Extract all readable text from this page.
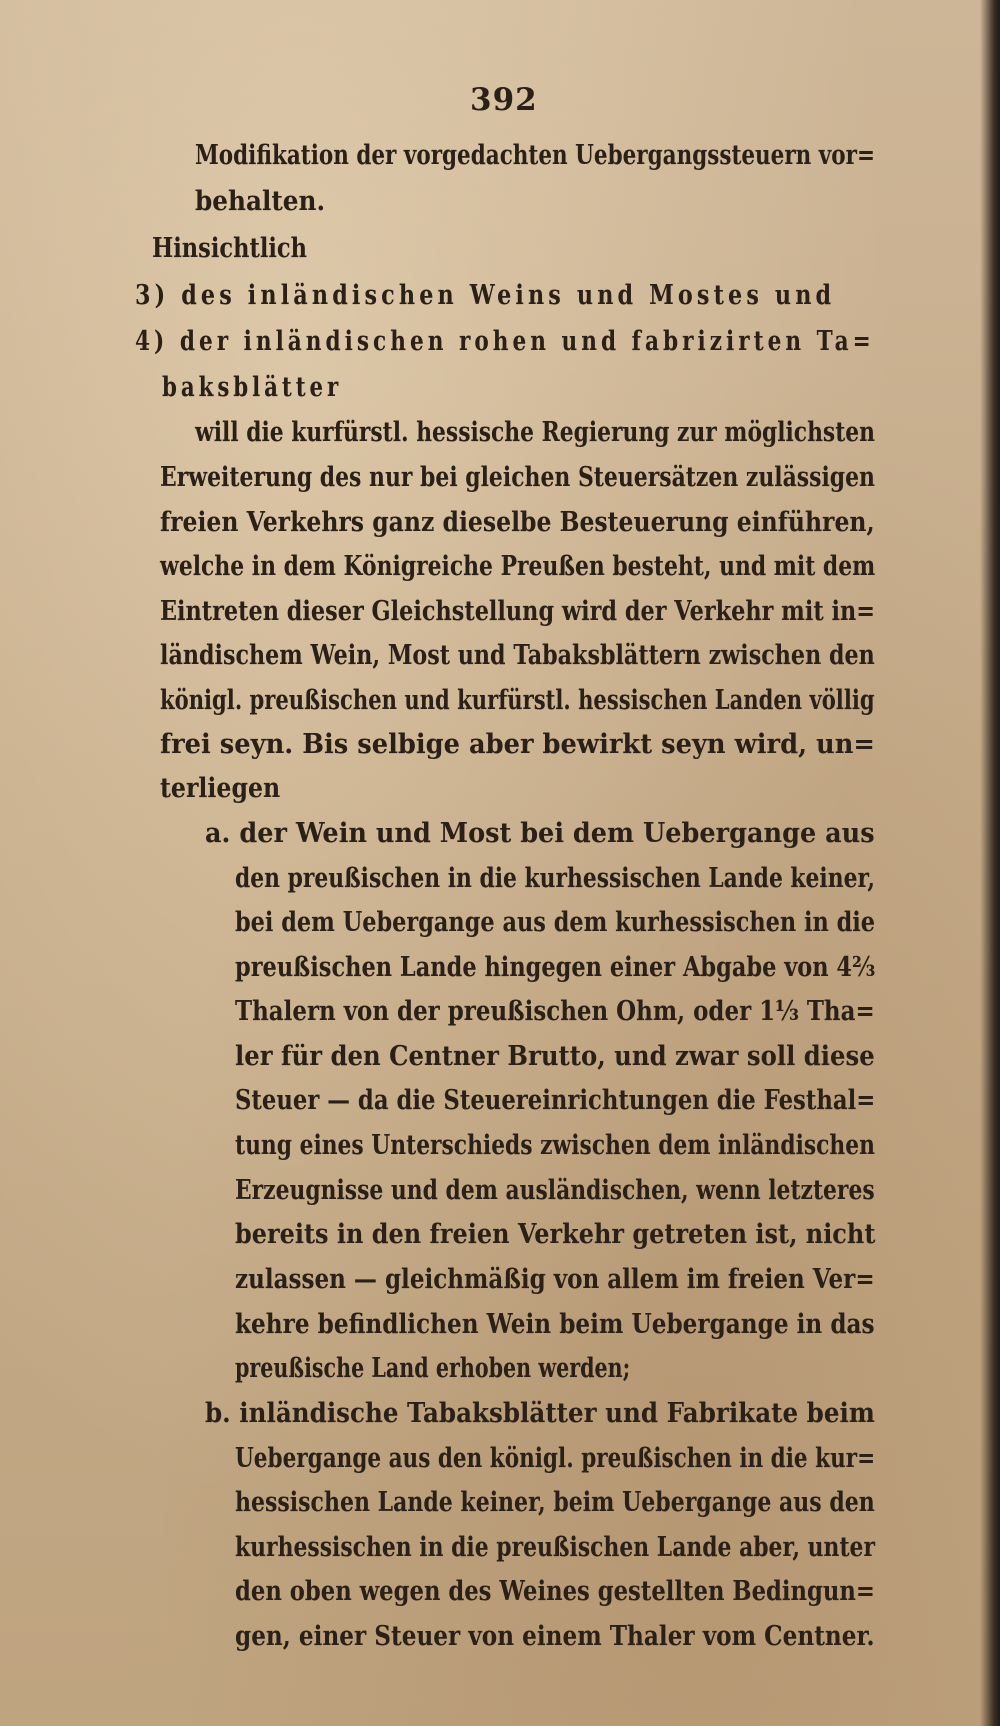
392
Modifikation der vorgedachten Uebergangssteuern vor=
behalten.
Hinsichtlich
3) des inländischen Weins und Mostes und
4) der inländischen rohen und fabrizirten Ta=
baksblätter
will die kurfürstl. hessische Regierung zur möglichsten
Erweiterung des nur bei gleichen Steuersätzen zulässigen
freien Verkehrs ganz dieselbe Besteuerung einführen,
welche in dem Königreiche Preußen besteht, und mit dem
Eintreten dieser Gleichstellung wird der Verkehr mit in=
ländischem Wein, Most und Tabaksblättern zwischen den
königl. preußischen und kurfürstl. hessischen Landen völlig
frei seyn. Bis selbige aber bewirkt seyn wird, un=
terliegen
a. der Wein und Most bei dem Uebergange aus
den preußischen in die kurhessischen Lande keiner,
bei dem Uebergange aus dem kurhessischen in die
preußischen Lande hingegen einer Abgabe von 4⅔
Thalern von der preußischen Ohm, oder 1⅓ Tha=
ler für den Centner Brutto, und zwar soll diese
Steuer — da die Steuereinrichtungen die Festhal=
tung eines Unterschieds zwischen dem inländischen
Erzeugnisse und dem ausländischen, wenn letzteres
bereits in den freien Verkehr getreten ist, nicht
zulassen — gleichmäßig von allem im freien Ver=
kehre befindlichen Wein beim Uebergange in das
preußische Land erhoben werden;
b. inländische Tabaksblätter und Fabrikate beim
Uebergange aus den königl. preußischen in die kur=
hessischen Lande keiner, beim Uebergange aus den
kurhessischen in die preußischen Lande aber, unter
den oben wegen des Weines gestellten Bedingun=
gen, einer Steuer von einem Thaler vom Centner.
